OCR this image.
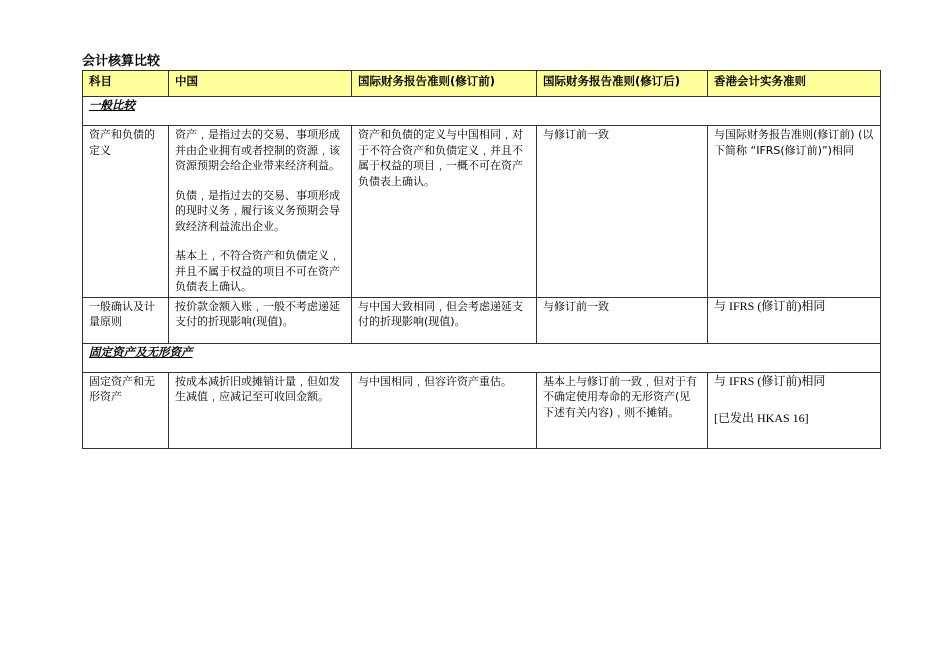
会计核算比较
科目	中国	国际财务报告准则(修订前)	国际财务报告准则(修订后)	香港会计实务准则
一般比较				
资产和负债的定义	资产﹐是指过去的交易、事项形成并由企业拥有或者控制的资源﹐该资源预期会给企业带来经济利益。

负债﹐是指过去的交易、事项形成的现时义务﹐履行该义务预期会导致经济利益流出企业。

基本上﹐不符合资产和负债定义﹐并且不属于权益的项目不可在资产负债表上确认。	资产和负债的定义与中国相同﹐对于不符合资产和负债定义﹐并且不属于权益的项目﹐一概不可在资产负债表上确认。	与修订前一致	与国际财务报告准则(修订前) (以下简称 “IFRS(修订前)”)相同
一般确认及计量原则	按价款金额入账﹐一般不考虑递延支付的折现影响(现值)。	与中国大致相同﹐但会考虑递延支付的折现影响(现值)。	与修订前一致	与 IFRS (修订前)相同
固定资产及无形资产				
固定资产和无形资产	按成本减折旧或摊销计量﹐但如发生减值﹐应减记至可收回金额。	与中国相同﹐但容许资产重估。	基本上与修订前一致﹐但对于有不确定使用寿命的无形资产(见下述有关内容)﹐则不摊销。	与 IFRS (修订前)相同
[已发出 HKAS 16]
